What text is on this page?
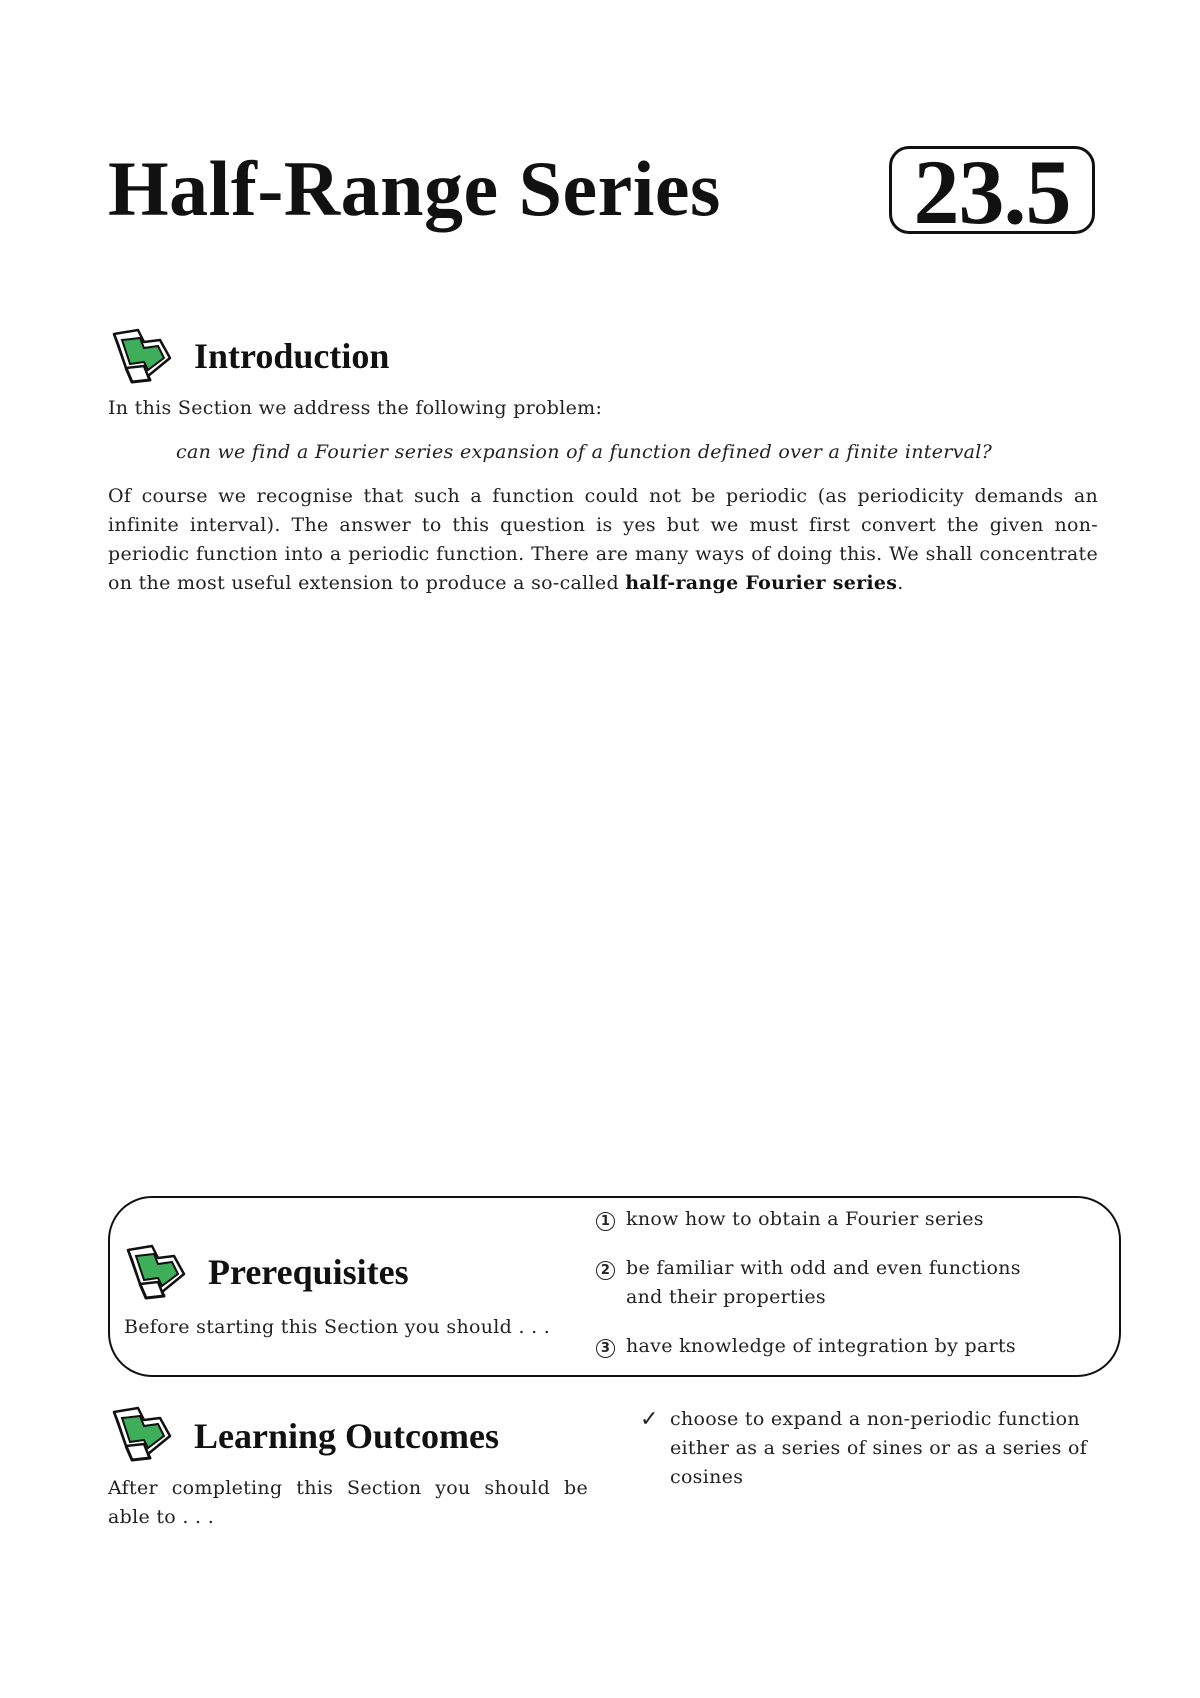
Half-Range Series 23.5
Introduction
In this Section we address the following problem:
can we find a Fourier series expansion of a function defined over a finite interval?
Of course we recognise that such a function could not be periodic (as periodicity demands an infinite interval). The answer to this question is yes but we must first convert the given non-periodic function into a periodic function. There are many ways of doing this. We shall concentrate on the most useful extension to produce a so-called half-range Fourier series.
Prerequisites
Before starting this Section you should . . .
1 know how to obtain a Fourier series
2 be familiar with odd and even functions and their properties
3 have knowledge of integration by parts
Learning Outcomes
After completing this Section you should be able to . . .
✓ choose to expand a non-periodic function either as a series of sines or as a series of cosines
